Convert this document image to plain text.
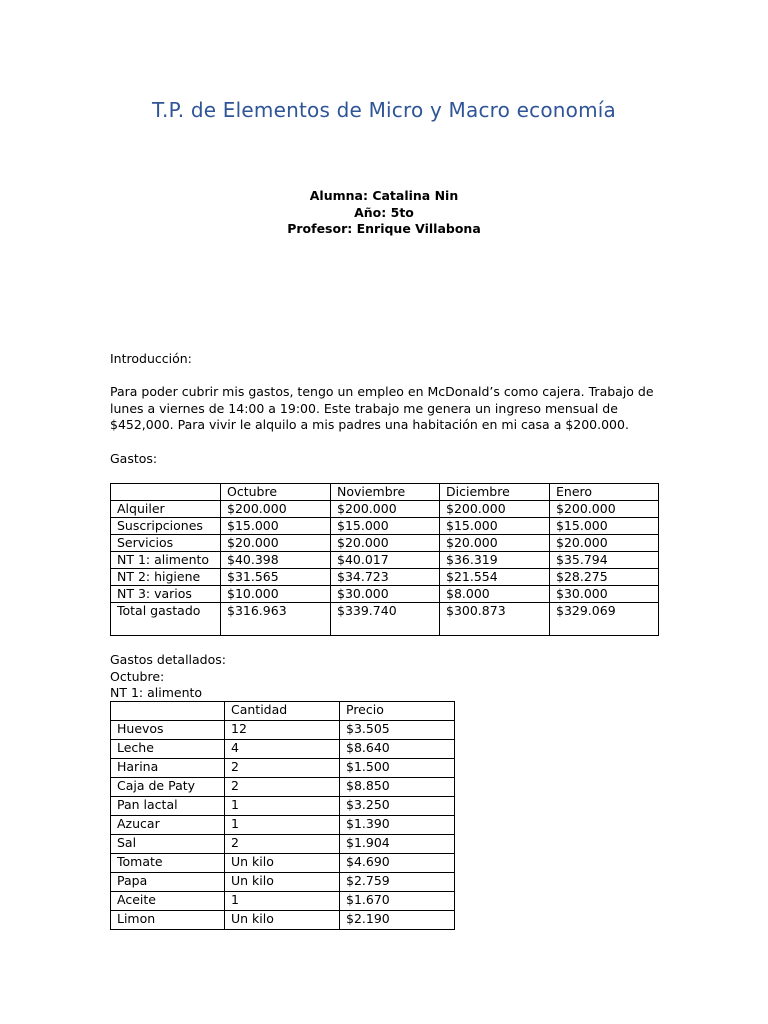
T.P. de Elementos de Micro y Macro economía
Alumna: Catalina Nin
Año: 5to
Profesor: Enrique Villabona
Introducción:
Para poder cubrir mis gastos, tengo un empleo en McDonald’s como cajera. Trabajo de lunes a viernes de 14:00 a 19:00. Este trabajo me genera un ingreso mensual de $452,000. Para vivir le alquilo a mis padres una habitación en mi casa a $200.000.
Gastos:
	Octubre	Noviembre	Diciembre	Enero
Alquiler	$200.000	$200.000	$200.000	$200.000
Suscripciones	$15.000	$15.000	$15.000	$15.000
Servicios	$20.000	$20.000	$20.000	$20.000
NT 1: alimento	$40.398	$40.017	$36.319	$35.794
NT 2: higiene	$31.565	$34.723	$21.554	$28.275
NT 3: varios	$10.000	$30.000	$8.000	$30.000
Total gastado	$316.963	$339.740	$300.873	$329.069
Gastos detallados:
Octubre:
NT 1: alimento
	Cantidad	Precio
Huevos	12	$3.505
Leche	4	$8.640
Harina	2	$1.500
Caja de Paty	2	$8.850
Pan lactal	1	$3.250
Azucar	1	$1.390
Sal	2	$1.904
Tomate	Un kilo	$4.690
Papa	Un kilo	$2.759
Aceite	1	$1.670
Limon	Un kilo	$2.190
